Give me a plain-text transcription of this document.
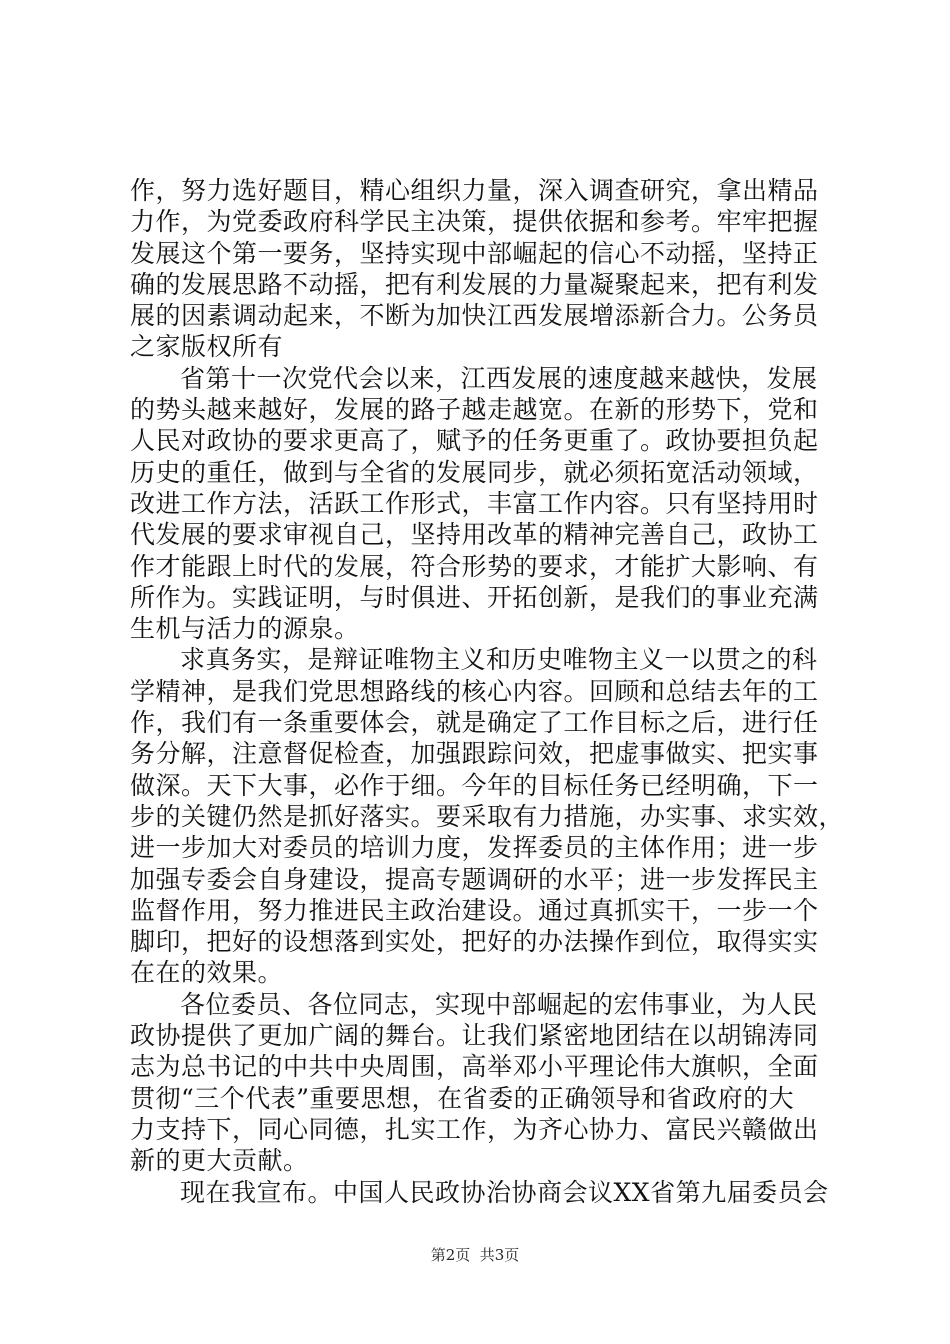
作，努力选好题目，精心组织力量，深入调查研究，拿出精品
力作，为党委政府科学民主决策，提供依据和参考。牢牢把握
发展这个第一要务，坚持实现中部崛起的信心不动摇，坚持正
确的发展思路不动摇，把有利发展的力量凝聚起来，把有利发
展的因素调动起来，不断为加快江西发展增添新合力。公务员
之家版权所有
省第十一次党代会以来，江西发展的速度越来越快，发展
的势头越来越好，发展的路子越走越宽。在新的形势下，党和
人民对政协的要求更高了，赋予的任务更重了。政协要担负起
历史的重任，做到与全省的发展同步，就必须拓宽活动领域，
改进工作方法，活跃工作形式，丰富工作内容。只有坚持用时
代发展的要求审视自己，坚持用改革的精神完善自己，政协工
作才能跟上时代的发展，符合形势的要求，才能扩大影响、有
所作为。实践证明，与时俱进、开拓创新，是我们的事业充满
生机与活力的源泉。
求真务实，是辩证唯物主义和历史唯物主义一以贯之的科
学精神，是我们党思想路线的核心内容。回顾和总结去年的工
作，我们有一条重要体会，就是确定了工作目标之后，进行任
务分解，注意督促检查，加强跟踪问效，把虚事做实、把实事
做深。天下大事，必作于细。今年的目标任务已经明确，下一
步的关键仍然是抓好落实。要采取有力措施，办实事、求实效，
进一步加大对委员的培训力度，发挥委员的主体作用；进一步
加强专委会自身建设，提高专题调研的水平；进一步发挥民主
监督作用，努力推进民主政治建设。通过真抓实干，一步一个
脚印，把好的设想落到实处，把好的办法操作到位，取得实实
在在的效果。
各位委员、各位同志，实现中部崛起的宏伟事业，为人民
政协提供了更加广阔的舞台。让我们紧密地团结在以胡锦涛同
志为总书记的中共中央周围，高举邓小平理论伟大旗帜，全面
贯彻“三个代表”重要思想，在省委的正确领导和省政府的大
力支持下，同心同德，扎实工作，为齐心协力、富民兴赣做出
新的更大贡献。
现在我宣布。中国人民政协治协商会议XX省第九届委员会
第2页  共3页
